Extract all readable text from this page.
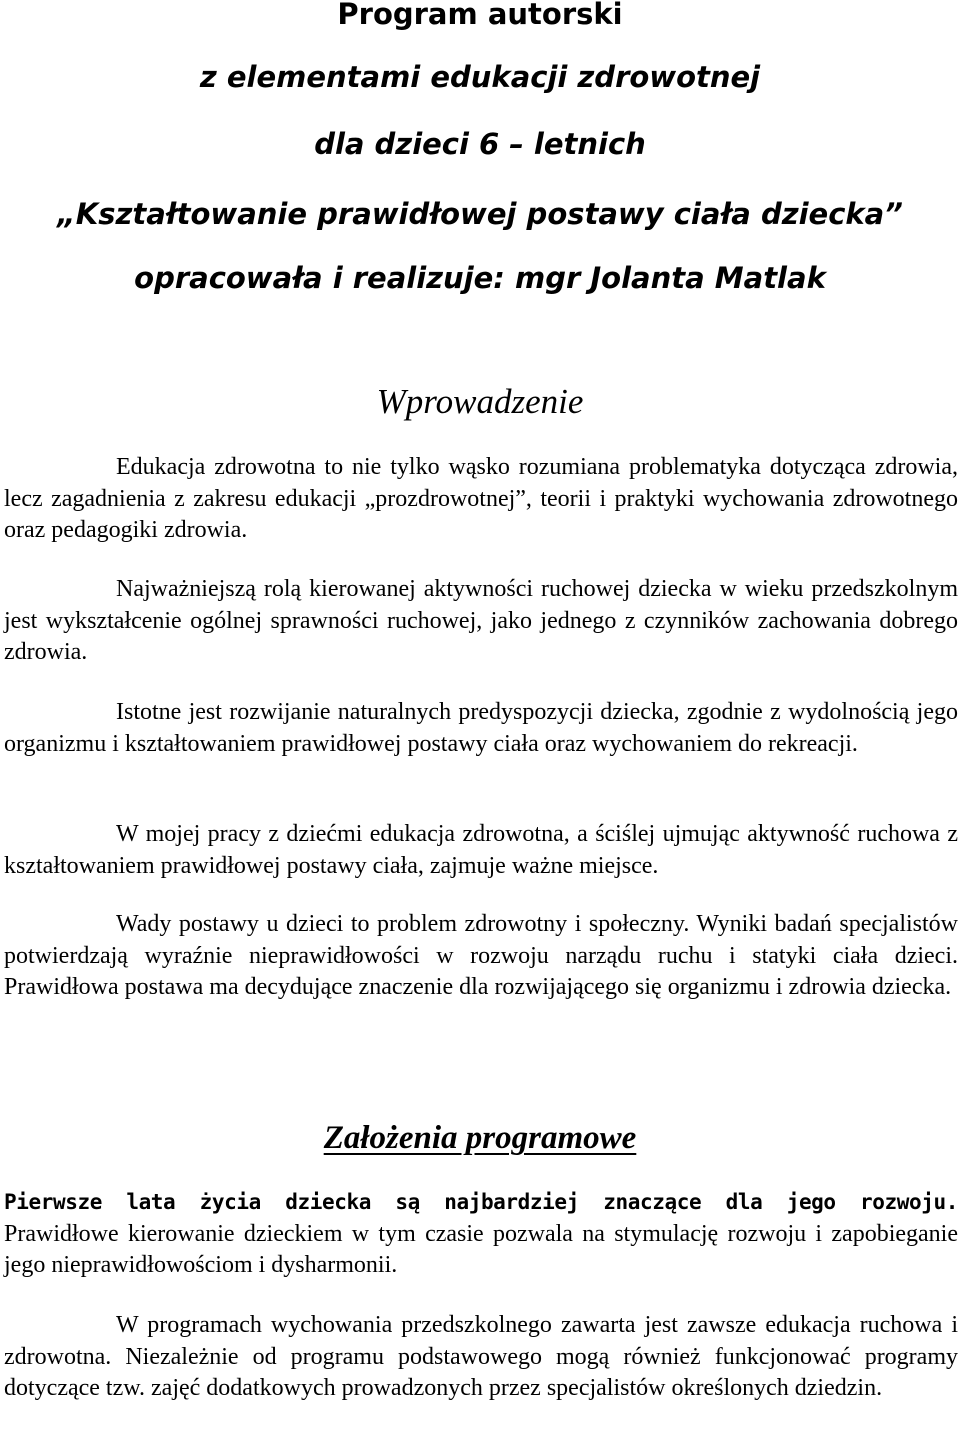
Program autorski
z elementami edukacji zdrowotnej
dla dzieci 6 – letnich
„Kształtowanie prawidłowej postawy ciała dziecka”
opracowała i realizuje: mgr Jolanta Matlak
Wprowadzenie

Edukacja zdrowotna to nie tylko wąsko rozumiana problematyka dotycząca zdrowia, lecz zagadnienia z zakresu edukacji „prozdrowotnej”, teorii i praktyki wychowania zdrowotnego oraz pedagogiki zdrowia.

Najważniejszą rolą kierowanej aktywności ruchowej dziecka w wieku przedszkolnym jest wykształcenie ogólnej sprawności ruchowej, jako jednego z czynników zachowania dobrego zdrowia.

Istotne jest rozwijanie naturalnych predyspozycji dziecka, zgodnie z wydolnością jego organizmu i kształtowaniem prawidłowej postawy ciała oraz wychowaniem do rekreacji.

W mojej pracy z dziećmi edukacja zdrowotna, a ściślej ujmując aktywność ruchowa z kształtowaniem prawidłowej postawy ciała, zajmuje ważne miejsce.

Wady postawy u dzieci to problem zdrowotny i społeczny. Wyniki badań specjalistów potwierdzają wyraźnie nieprawidłowości w rozwoju narządu ruchu i statyki ciała dzieci. Prawidłowa postawa ma decydujące znaczenie dla rozwijającego się organizmu i zdrowia dziecka.

Założenia programowe

Pierwsze lata życia dziecka są najbardziej znaczące dla jego rozwoju. Prawidłowe kierowanie dzieckiem w tym czasie pozwala na stymulację rozwoju i zapobieganie jego nieprawidłowościom i dysharmonii.

W programach wychowania przedszkolnego zawarta jest zawsze edukacja ruchowa i zdrowotna. Niezależnie od programu podstawowego mogą również funkcjonować programy dotyczące tzw. zajęć dodatkowych prowadzonych przez specjalistów określonych dziedzin.
